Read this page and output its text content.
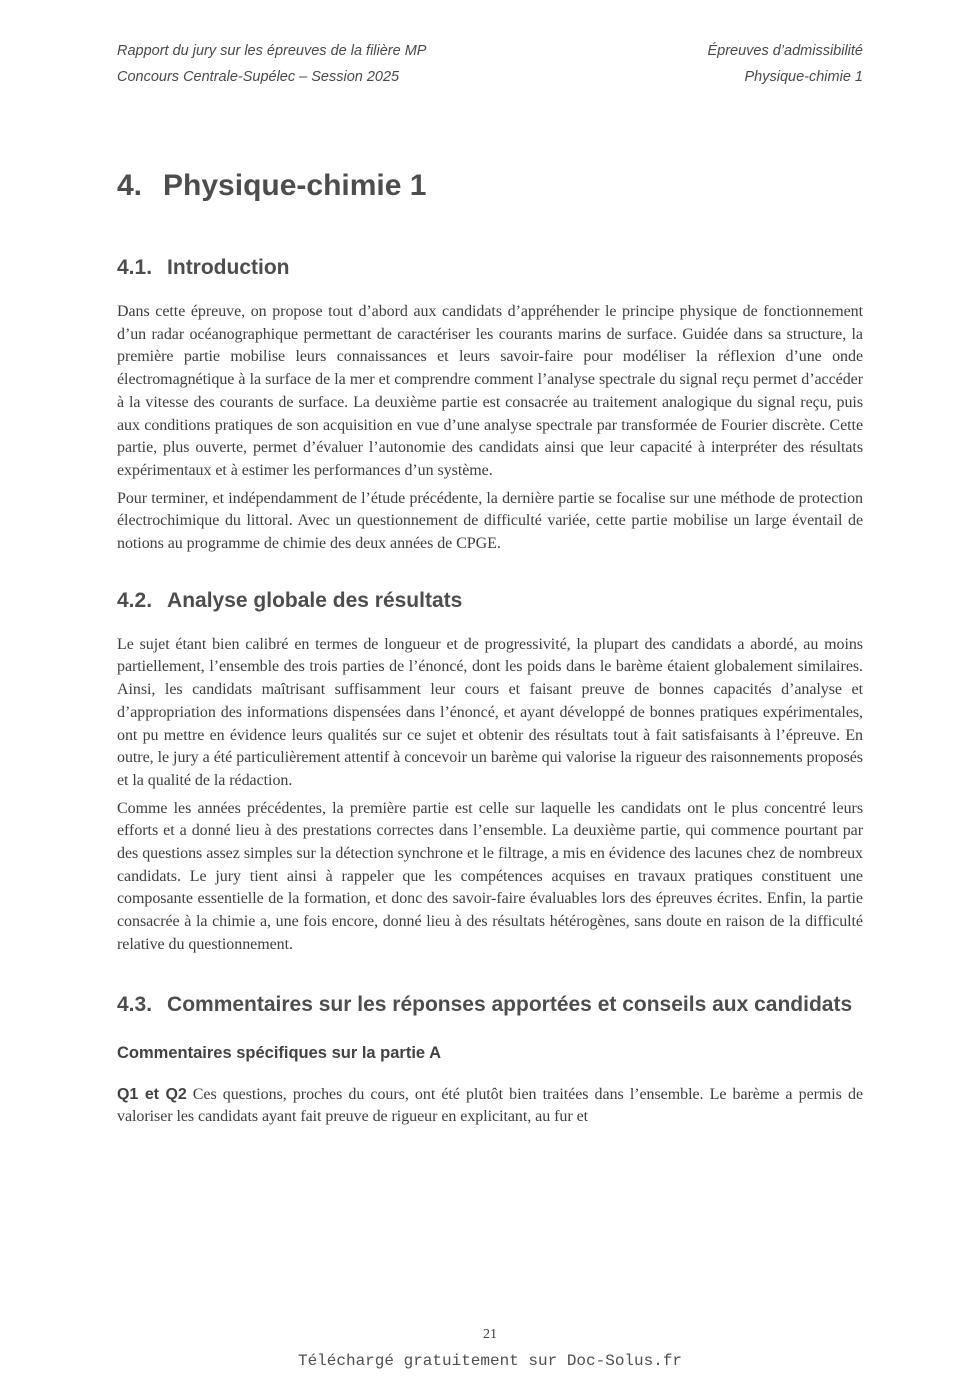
Rapport du jury sur les épreuves de la filière MP
Concours Centrale-Supélec – Session 2025
Épreuves d’admissibilité
Physique-chimie 1
4. Physique-chimie 1
4.1. Introduction

Dans cette épreuve, on propose tout d’abord aux candidats d’appréhender le principe physique de fonctionnement d’un radar océanographique permettant de caractériser les courants marins de surface. Guidée dans sa structure, la première partie mobilise leurs connaissances et leurs savoir-faire pour modéliser la réflexion d’une onde électromagnétique à la surface de la mer et comprendre comment l’analyse spectrale du signal reçu permet d’accéder à la vitesse des courants de surface. La deuxième partie est consacrée au traitement analogique du signal reçu, puis aux conditions pratiques de son acquisition en vue d’une analyse spectrale par transformée de Fourier discrète. Cette partie, plus ouverte, permet d’évaluer l’autonomie des candidats ainsi que leur capacité à interpréter des résultats expérimentaux et à estimer les performances d’un système.

Pour terminer, et indépendamment de l’étude précédente, la dernière partie se focalise sur une méthode de protection électrochimique du littoral. Avec un questionnement de difficulté variée, cette partie mobilise un large éventail de notions au programme de chimie des deux années de CPGE.

4.2. Analyse globale des résultats

Le sujet étant bien calibré en termes de longueur et de progressivité, la plupart des candidats a abordé, au moins partiellement, l’ensemble des trois parties de l’énoncé, dont les poids dans le barème étaient globalement similaires. Ainsi, les candidats maîtrisant suffisamment leur cours et faisant preuve de bonnes capacités d’analyse et d’appropriation des informations dispensées dans l’énoncé, et ayant développé de bonnes pratiques expérimentales, ont pu mettre en évidence leurs qualités sur ce sujet et obtenir des résultats tout à fait satisfaisants à l’épreuve. En outre, le jury a été particulièrement attentif à concevoir un barème qui valorise la rigueur des raisonnements proposés et la qualité de la rédaction.

Comme les années précédentes, la première partie est celle sur laquelle les candidats ont le plus concentré leurs efforts et a donné lieu à des prestations correctes dans l’ensemble. La deuxième partie, qui commence pourtant par des questions assez simples sur la détection synchrone et le filtrage, a mis en évidence des lacunes chez de nombreux candidats. Le jury tient ainsi à rappeler que les compétences acquises en travaux pratiques constituent une composante essentielle de la formation, et donc des savoir-faire évaluables lors des épreuves écrites. Enfin, la partie consacrée à la chimie a, une fois encore, donné lieu à des résultats hétérogènes, sans doute en raison de la difficulté relative du questionnement.

4.3. Commentaires sur les réponses apportées et conseils aux candidats
Commentaires spécifiques sur la partie A

Q1 et Q2 Ces questions, proches du cours, ont été plutôt bien traitées dans l’ensemble. Le barème a permis de valoriser les candidats ayant fait preuve de rigueur en explicitant, au fur et

21
Téléchargé gratuitement sur Doc-Solus.fr
